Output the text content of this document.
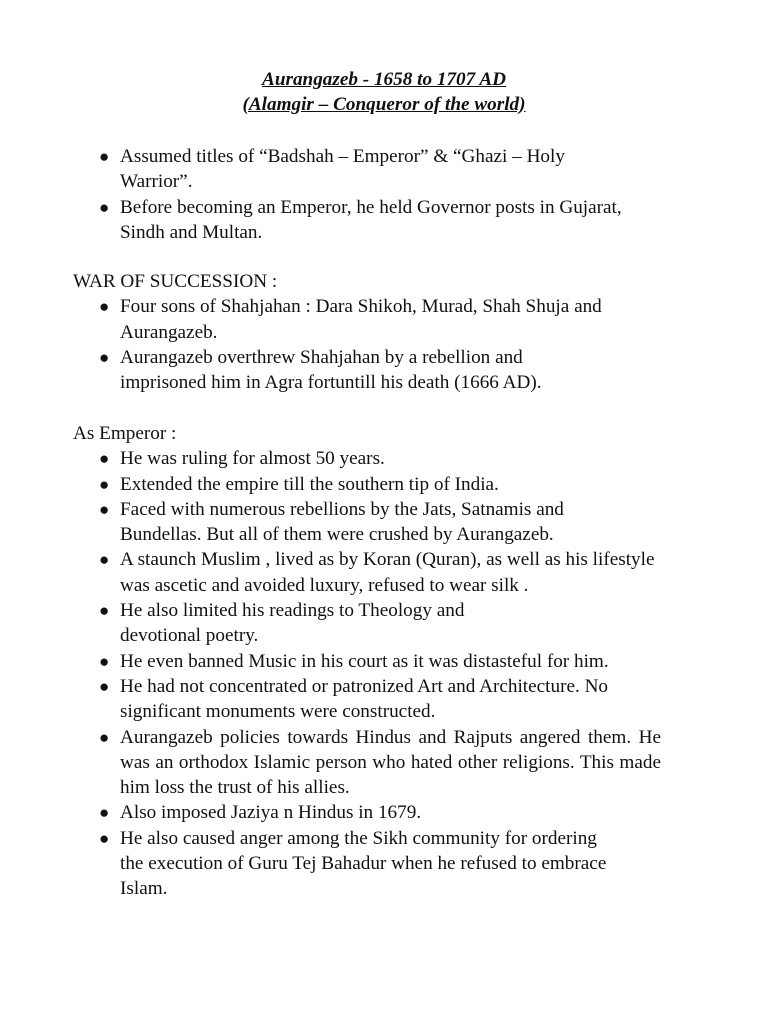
Aurangazeb - 1658 to 1707 AD
(Alamgir – Conqueror of the world)
● Assumed titles of “Badshah – Emperor” & “Ghazi – Holy Warrior”.
● Before becoming an Emperor, he held Governor posts in Gujarat, Sindh and Multan.
WAR OF SUCCESSION :
● Four sons of Shahjahan : Dara Shikoh, Murad, Shah Shuja and Aurangazeb.
● Aurangazeb overthrew Shahjahan by a rebellion and imprisoned him in Agra fortuntill his death (1666 AD).
As Emperor :
● He was ruling for almost 50 years.
● Extended the empire till the southern tip of India.
● Faced with numerous rebellions by the Jats, Satnamis and Bundellas. But all of them were crushed by Aurangazeb.
● A staunch Muslim , lived as by Koran (Quran), as well as his lifestyle was ascetic and avoided luxury, refused to wear silk .
● He also limited his readings to Theology and devotional poetry.
● He even banned Music in his court as it was distasteful for him.
● He had not concentrated or patronized Art and Architecture. No significant monuments were constructed.
● Aurangazeb policies towards Hindus and Rajputs angered them. He was an orthodox Islamic person who hated other religions. This made him loss the trust of his allies.
● Also imposed Jaziya n Hindus in 1679.
● He also caused anger among the Sikh community for ordering the execution of Guru Tej Bahadur when he refused to embrace Islam.
